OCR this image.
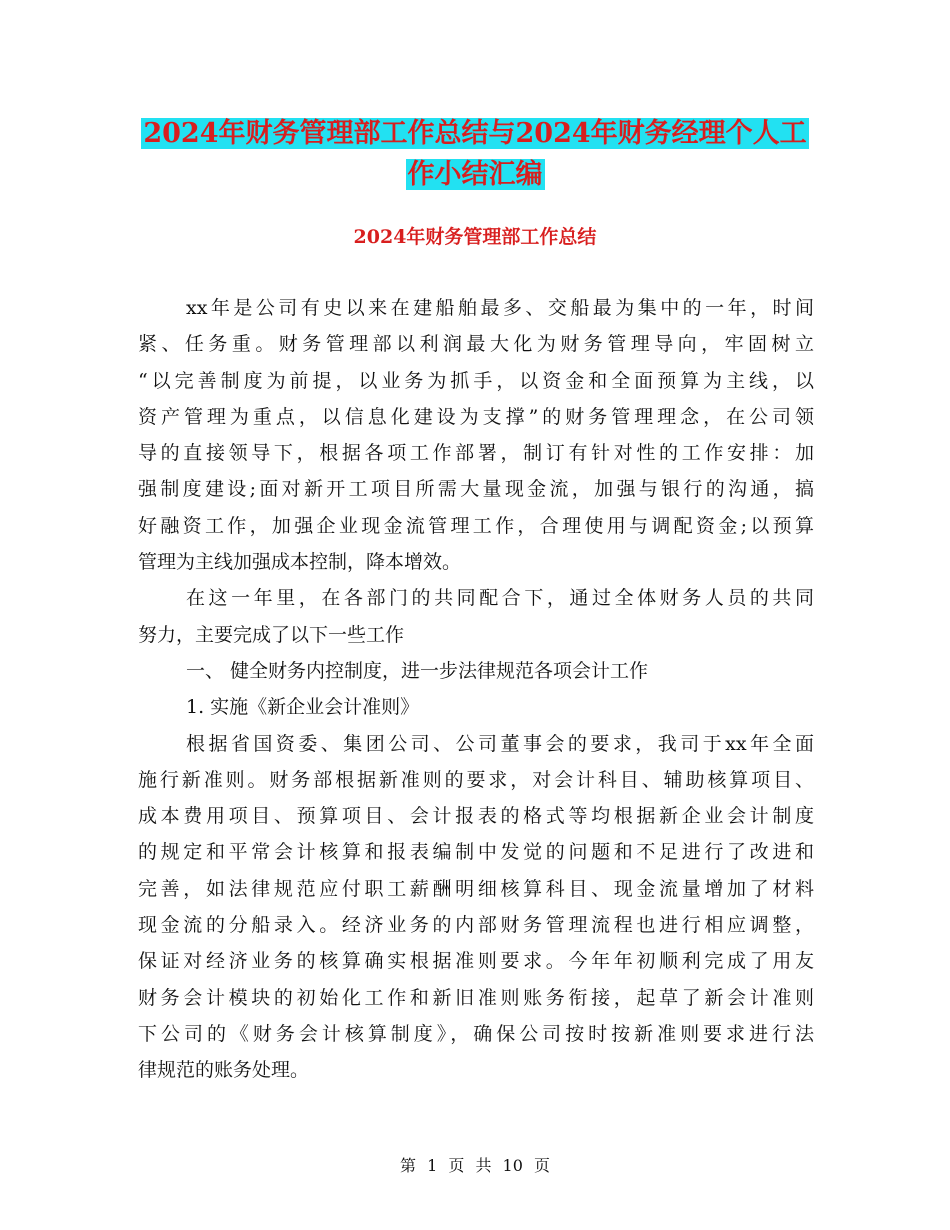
2024年财务管理部工作总结与2024年财务经理个人工
作小结汇编
2024年财务管理部工作总结
xx年是公司有史以来在建船舶最多、交船最为集中的一年，时间
紧、任务重。财务管理部以利润最大化为财务管理导向，牢固树立
“以完善制度为前提，以业务为抓手，以资金和全面预算为主线，以
资产管理为重点，以信息化建设为支撑”的财务管理理念，在公司领
导的直接领导下，根据各项工作部署，制订有针对性的工作安排：加
强制度建设;面对新开工项目所需大量现金流，加强与银行的沟通，搞
好融资工作，加强企业现金流管理工作，合理使用与调配资金;以预算
管理为主线加强成本控制，降本增效。
在这一年里，在各部门的共同配合下，通过全体财务人员的共同
努力，主要完成了以下一些工作
一、 健全财务内控制度，进一步法律规范各项会计工作
1. 实施《新企业会计准则》
根据省国资委、集团公司、公司董事会的要求，我司于xx年全面
施行新准则。财务部根据新准则的要求，对会计科目、辅助核算项目、
成本费用项目、预算项目、会计报表的格式等均根据新企业会计制度
的规定和平常会计核算和报表编制中发觉的问题和不足进行了改进和
完善，如法律规范应付职工薪酬明细核算科目、现金流量增加了材料
现金流的分船录入。经济业务的内部财务管理流程也进行相应调整，
保证对经济业务的核算确实根据准则要求。今年年初顺利完成了用友
财务会计模块的初始化工作和新旧准则账务衔接，起草了新会计准则
下公司的《财务会计核算制度》，确保公司按时按新准则要求进行法
律规范的账务处理。
第 1 页 共 10 页
